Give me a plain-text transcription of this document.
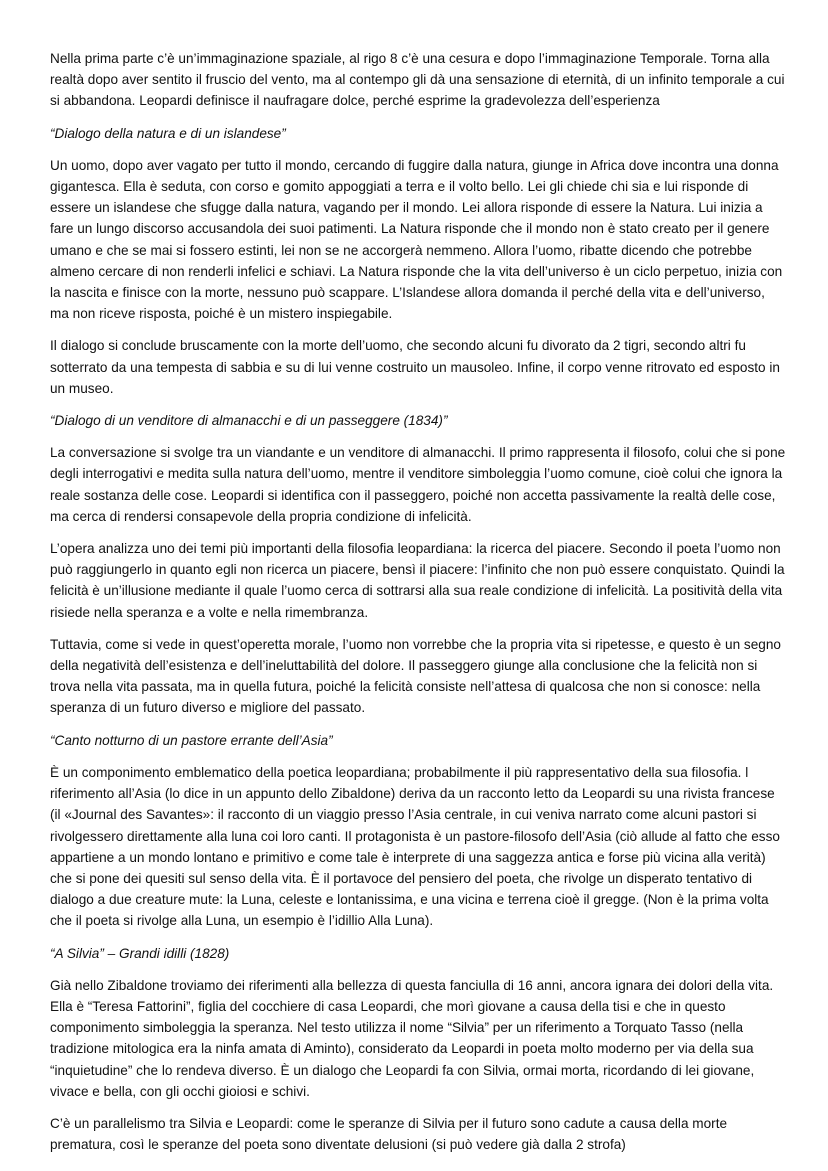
Nella prima parte c’è un’immaginazione spaziale, al rigo 8 c’è una cesura e dopo l’immaginazione Temporale. Torna alla realtà dopo aver sentito il fruscio del vento, ma al contempo gli dà una sensazione di eternità, di un infinito temporale a cui si abbandona. Leopardi definisce il naufragare dolce, perché esprime la gradevolezza dell’esperienza

“Dialogo della natura e di un islandese”

Un uomo, dopo aver vagato per tutto il mondo, cercando di fuggire dalla natura, giunge in Africa dove incontra una donna gigantesca. Ella è seduta, con corso e gomito appoggiati a terra e il volto bello. Lei gli chiede chi sia e lui risponde di essere un islandese che sfugge dalla natura, vagando per il mondo. Lei allora risponde di essere la Natura. Lui inizia a fare un lungo discorso accusandola dei suoi patimenti. La Natura risponde che il mondo non è stato creato per il genere umano e che se mai si fossero estinti, lei non se ne accorgerà nemmeno. Allora l’uomo, ribatte dicendo che potrebbe almeno cercare di non renderli infelici e schiavi. La Natura risponde che la vita dell’universo è un ciclo perpetuo, inizia con la nascita e finisce con la morte, nessuno può scappare. L’Islandese allora domanda il perché della vita e dell’universo, ma non riceve risposta, poiché è un mistero inspiegabile.

Il dialogo si conclude bruscamente con la morte dell’uomo, che secondo alcuni fu divorato da 2 tigri, secondo altri fu sotterrato da una tempesta di sabbia e su di lui venne costruito un mausoleo. Infine, il corpo venne ritrovato ed esposto in un museo.

“Dialogo di un venditore di almanacchi e di un passeggere (1834)”

La conversazione si svolge tra un viandante e un venditore di almanacchi. Il primo rappresenta il filosofo, colui che si pone degli interrogativi e medita sulla natura dell’uomo, mentre il venditore simboleggia l’uomo comune, cioè colui che ignora la reale sostanza delle cose. Leopardi si identifica con il passeggero, poiché non accetta passivamente la realtà delle cose, ma cerca di rendersi consapevole della propria condizione di infelicità.

L’opera analizza uno dei temi più importanti della filosofia leopardiana: la ricerca del piacere. Secondo il poeta l’uomo non può raggiungerlo in quanto egli non ricerca un piacere, bensì il piacere: l’infinito che non può essere conquistato. Quindi la felicità è un’illusione mediante il quale l’uomo cerca di sottrarsi alla sua reale condizione di infelicità. La positività della vita risiede nella speranza e a volte e nella rimembranza.

Tuttavia, come si vede in quest’operetta morale, l’uomo non vorrebbe che la propria vita si ripetesse, e questo è un segno della negatività dell’esistenza e dell’ineluttabilità del dolore. Il passeggero giunge alla conclusione che la felicità non si trova nella vita passata, ma in quella futura, poiché la felicità consiste nell’attesa di qualcosa che non si conosce: nella speranza di un futuro diverso e migliore del passato.

“Canto notturno di un pastore errante dell’Asia”

È un componimento emblematico della poetica leopardiana; probabilmente il più rappresentativo della sua filosofia. l riferimento all’Asia (lo dice in un appunto dello Zibaldone) deriva da un racconto letto da Leopardi su una rivista francese (il «Journal des Savantes»: il racconto di un viaggio presso l’Asia centrale, in cui veniva narrato come alcuni pastori si rivolgessero direttamente alla luna coi loro canti. Il protagonista è un pastore-filosofo dell’Asia (ciò allude al fatto che esso appartiene a un mondo lontano e primitivo e come tale è interprete di una saggezza antica e forse più vicina alla verità) che si pone dei quesiti sul senso della vita. È il portavoce del pensiero del poeta, che rivolge un disperato tentativo di dialogo a due creature mute: la Luna, celeste e lontanissima, e una vicina e terrena cioè il gregge. (Non è la prima volta che il poeta si rivolge alla Luna, un esempio è l’idillio Alla Luna).

“A Silvia” – Grandi idilli (1828)

Già nello Zibaldone troviamo dei riferimenti alla bellezza di questa fanciulla di 16 anni, ancora ignara dei dolori della vita. Ella è “Teresa Fattorini”, figlia del cocchiere di casa Leopardi, che morì giovane a causa della tisi e che in questo componimento simboleggia la speranza. Nel testo utilizza il nome “Silvia” per un riferimento a Torquato Tasso (nella tradizione mitologica era la ninfa amata di Aminto), considerato da Leopardi in poeta molto moderno per via della sua “inquietudine” che lo rendeva diverso. È un dialogo che Leopardi fa con Silvia, ormai morta, ricordando di lei giovane, vivace e bella, con gli occhi gioiosi e schivi.

C’è un parallelismo tra Silvia e Leopardi: come le speranze di Silvia per il futuro sono cadute a causa della morte prematura, così le speranze del poeta sono diventate delusioni (si può vedere già dalla 2 strofa)
